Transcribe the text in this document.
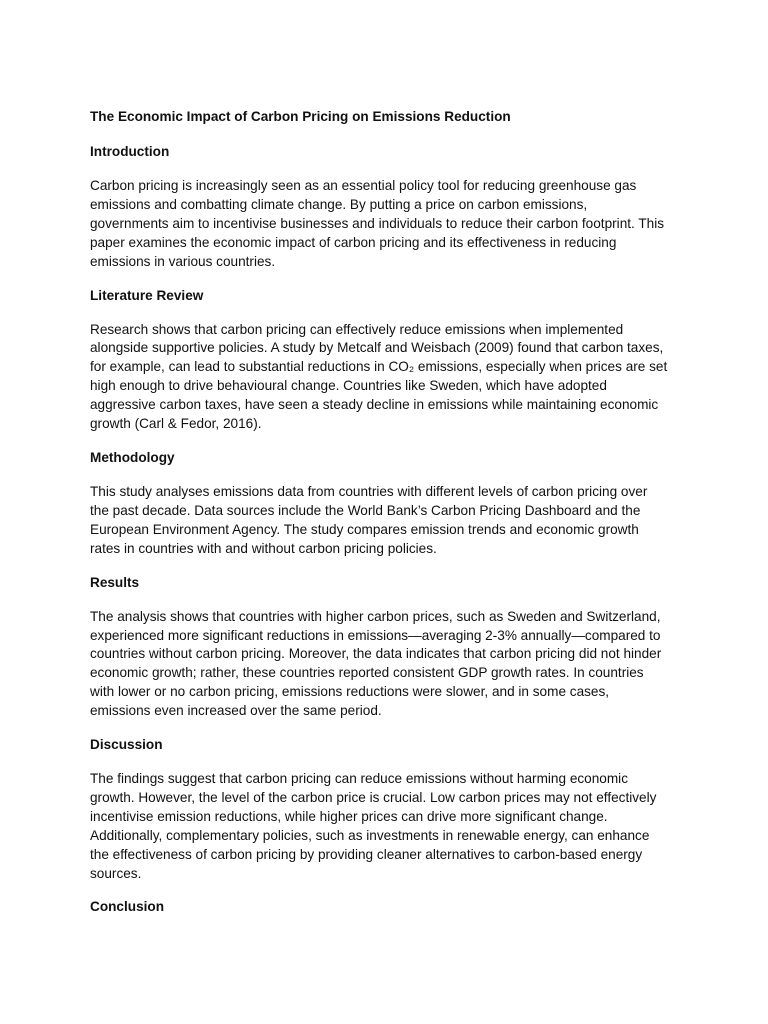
The Economic Impact of Carbon Pricing on Emissions Reduction
Introduction
Carbon pricing is increasingly seen as an essential policy tool for reducing greenhouse gas
emissions and combatting climate change. By putting a price on carbon emissions,
governments aim to incentivise businesses and individuals to reduce their carbon footprint. This
paper examines the economic impact of carbon pricing and its effectiveness in reducing
emissions in various countries.
Literature Review
Research shows that carbon pricing can effectively reduce emissions when implemented
alongside supportive policies. A study by Metcalf and Weisbach (2009) found that carbon taxes,
for example, can lead to substantial reductions in CO₂ emissions, especially when prices are set
high enough to drive behavioural change. Countries like Sweden, which have adopted
aggressive carbon taxes, have seen a steady decline in emissions while maintaining economic
growth (Carl & Fedor, 2016).
Methodology
This study analyses emissions data from countries with different levels of carbon pricing over
the past decade. Data sources include the World Bank’s Carbon Pricing Dashboard and the
European Environment Agency. The study compares emission trends and economic growth
rates in countries with and without carbon pricing policies.
Results
The analysis shows that countries with higher carbon prices, such as Sweden and Switzerland,
experienced more significant reductions in emissions—averaging 2-3% annually—compared to
countries without carbon pricing. Moreover, the data indicates that carbon pricing did not hinder
economic growth; rather, these countries reported consistent GDP growth rates. In countries
with lower or no carbon pricing, emissions reductions were slower, and in some cases,
emissions even increased over the same period.
Discussion
The findings suggest that carbon pricing can reduce emissions without harming economic
growth. However, the level of the carbon price is crucial. Low carbon prices may not effectively
incentivise emission reductions, while higher prices can drive more significant change.
Additionally, complementary policies, such as investments in renewable energy, can enhance
the effectiveness of carbon pricing by providing cleaner alternatives to carbon-based energy
sources.
Conclusion
